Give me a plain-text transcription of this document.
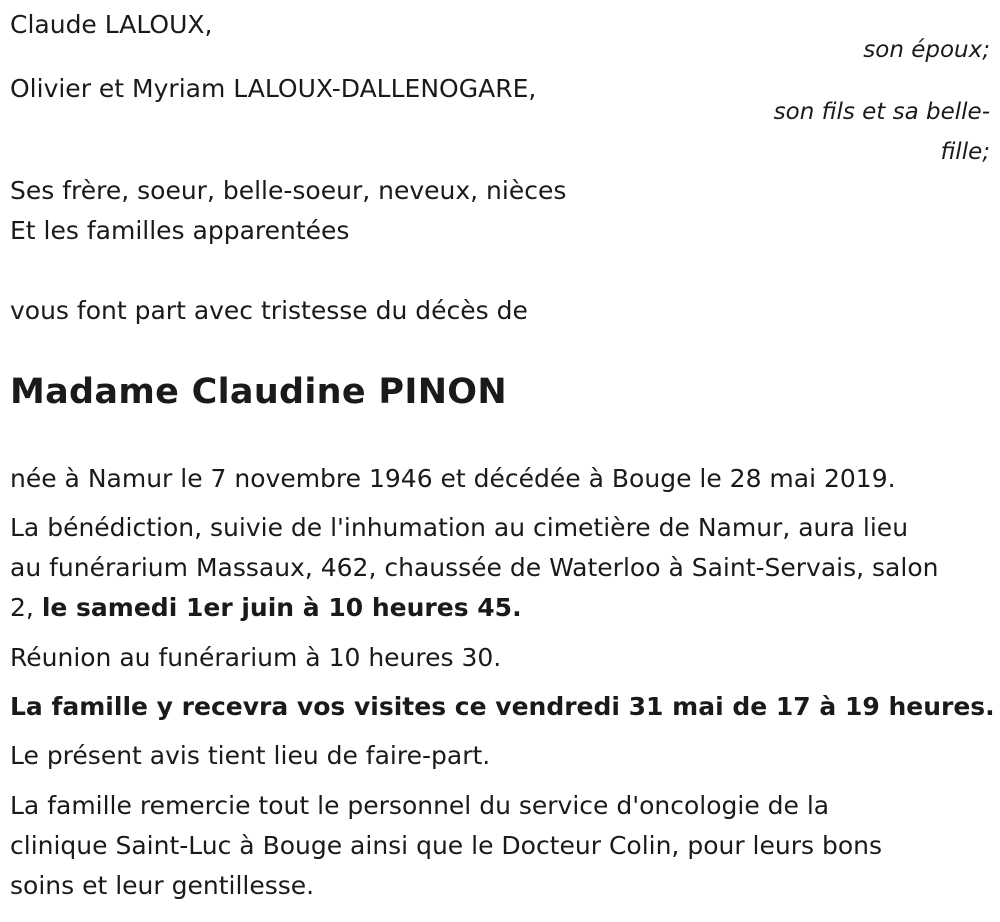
Claude LALOUX,
son époux;
Olivier et Myriam LALOUX-DALLENOGARE,
son fils et sa belle-
fille;
Ses frère, soeur, belle-soeur, neveux, nièces
Et les familles apparentées
vous font part avec tristesse du décès de
Madame Claudine PINON
née à Namur le 7 novembre 1946 et décédée à Bouge le 28 mai 2019.
La bénédiction, suivie de l'inhumation au cimetière de Namur, aura lieu
au funérarium Massaux, 462, chaussée de Waterloo à Saint-Servais, salon
2, le samedi 1er juin à 10 heures 45.
Réunion au funérarium à 10 heures 30.
La famille y recevra vos visites ce vendredi 31 mai de 17 à 19 heures.
Le présent avis tient lieu de faire-part.
La famille remercie tout le personnel du service d'oncologie de la
clinique Saint-Luc à Bouge ainsi que le Docteur Colin, pour leurs bons
soins et leur gentillesse.
